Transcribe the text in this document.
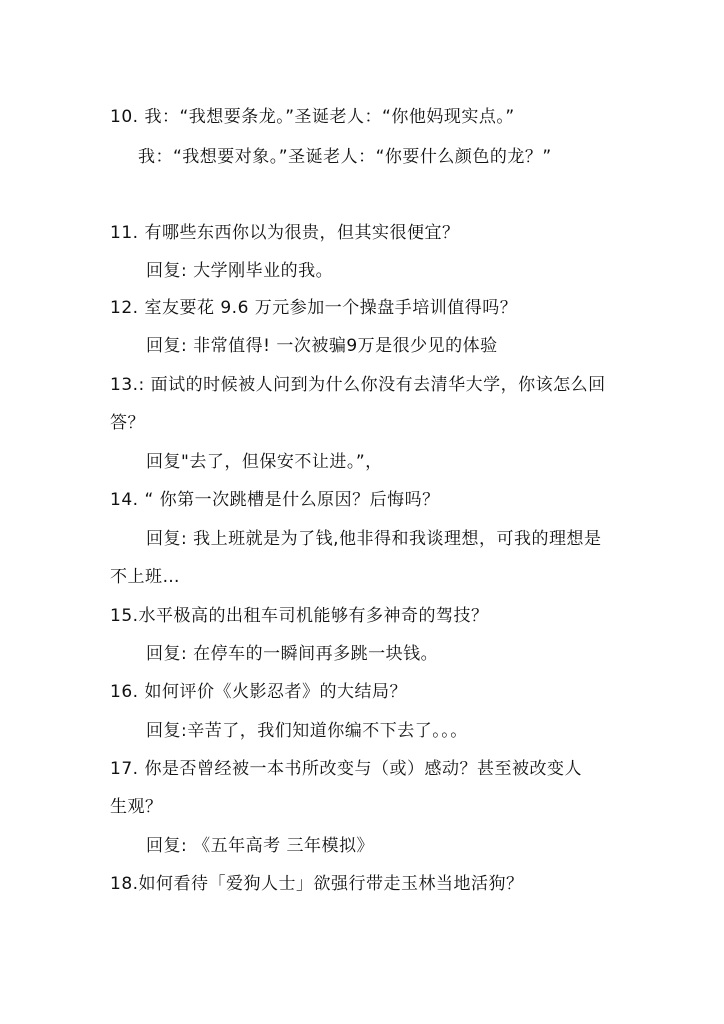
10. 我：“我想要条龙。”圣诞老人：“你他妈现实点。”
我：“我想要对象。”圣诞老人：“你要什么颜色的龙？”
11. 有哪些东西你以为很贵，但其实很便宜？
回复: 大学刚毕业的我。
12. 室友要花 9.6 万元参加一个操盘手培训值得吗？
回复: 非常值得! 一次被骗9万是很少见的体验
13.: 面试的时候被人问到为什么你没有去清华大学，你该怎么回
答？
回复"去了，但保安不让进。”，
14. “ 你第一次跳槽是什么原因？后悔吗？
回复: 我上班就是为了钱,他非得和我谈理想，可我的理想是
不上班…
15.水平极高的出租车司机能够有多神奇的驾技？
回复: 在停车的一瞬间再多跳一块钱。
16. 如何评价《火影忍者》的大结局？
回复:辛苦了，我们知道你编不下去了。。。
17. 你是否曾经被一本书所改变与（或）感动？甚至被改变人
生观？
回复: 《五年高考 三年模拟》
18.如何看待「爱狗人士」欲强行带走玉林当地活狗？
